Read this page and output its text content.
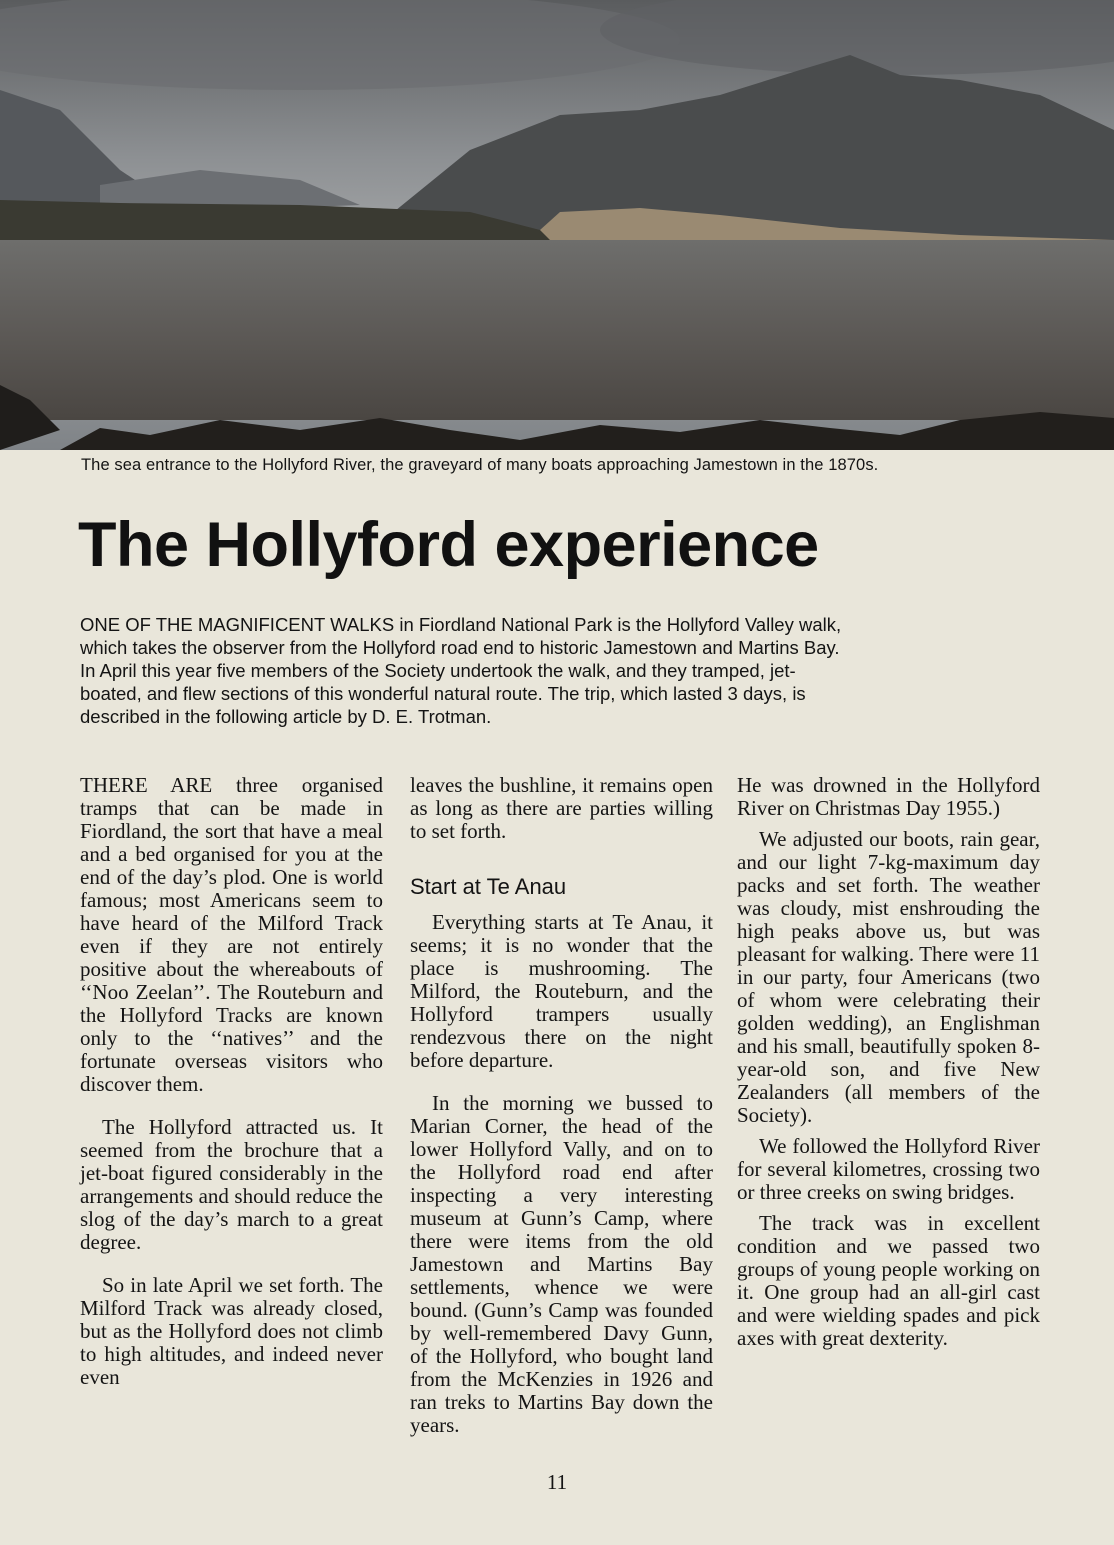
The sea entrance to the Hollyford River, the graveyard of many boats approaching Jamestown in the 1870s.

The Hollyford experience

ONE OF THE MAGNIFICENT WALKS in Fiordland National Park is the Hollyford Valley walk, which takes the observer from the Hollyford road end to historic Jamestown and Martins Bay. In April this year five members of the Society undertook the walk, and they tramped, jet-boated, and flew sections of this wonderful natural route. The trip, which lasted 3 days, is described in the following article by D. E. Trotman.

THERE ARE three organised tramps that can be made in Fiordland, the sort that have a meal and a bed organised for you at the end of the day’s plod. One is world famous; most Americans seem to have heard of the Milford Track even if they are not entirely positive about the whereabouts of ‘‘Noo Zeelan’’. The Routeburn and the Hollyford Tracks are known only to the ‘‘natives’’ and the fortunate overseas visitors who discover them.

The Hollyford attracted us. It seemed from the brochure that a jet-boat figured considerably in the arrangements and should reduce the slog of the day’s march to a great degree.

So in late April we set forth. The Milford Track was already closed, but as the Hollyford does not climb to high altitudes, and indeed never even

leaves the bushline, it remains open as long as there are parties willing to set forth.

Start at Te Anau

Everything starts at Te Anau, it seems; it is no wonder that the place is mushrooming. The Milford, the Routeburn, and the Hollyford trampers usually rendezvous there on the night before departure.

In the morning we bussed to Marian Corner, the head of the lower Hollyford Vally, and on to the Hollyford road end after inspecting a very interesting museum at Gunn’s Camp, where there were items from the old Jamestown and Martins Bay settlements, whence we were bound. (Gunn’s Camp was founded by well-remembered Davy Gunn, of the Hollyford, who bought land from the McKenzies in 1926 and ran treks to Martins Bay down the years.

He was drowned in the Hollyford River on Christmas Day 1955.)

We adjusted our boots, rain gear, and our light 7-kg-maximum day packs and set forth. The weather was cloudy, mist enshrouding the high peaks above us, but was pleasant for walking. There were 11 in our party, four Americans (two of whom were celebrating their golden wedding), an Englishman and his small, beautifully spoken 8-year-old son, and five New Zealanders (all members of the Society).

We followed the Hollyford River for several kilometres, crossing two or three creeks on swing bridges.

The track was in excellent condition and we passed two groups of young people working on it. One group had an all-girl cast and were wielding spades and pick axes with great dexterity.

11
